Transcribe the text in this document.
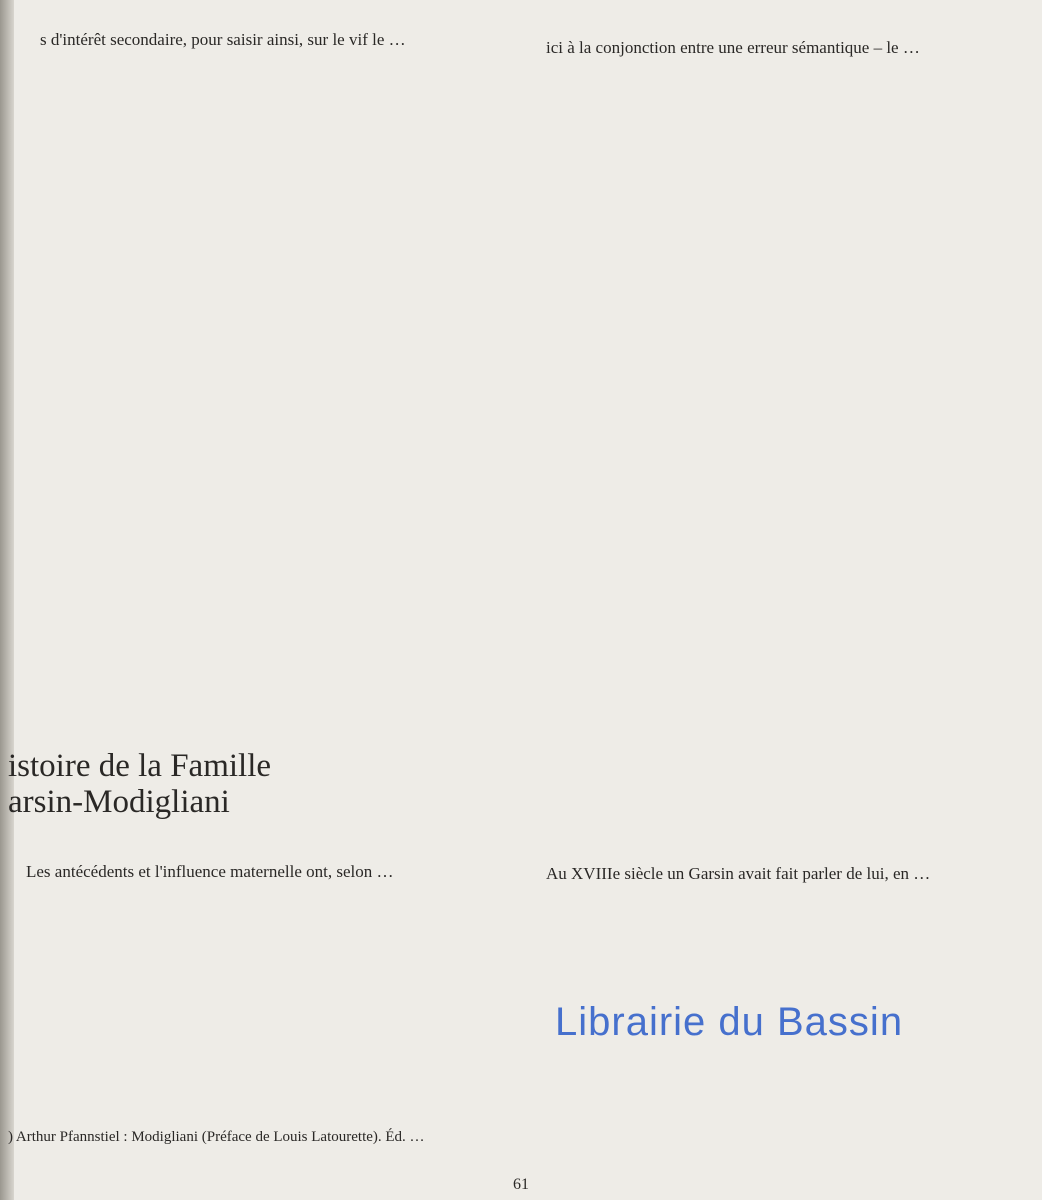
s d'intérêt secondaire, pour saisir ainsi, sur le vif le …	ici à la conjonction entre une erreur sémantique – le …

istoire de la Famille
arsin-Modigliani

Les antécédents et l'influence maternelle ont, selon …	Au XVIIIe siècle un Garsin avait fait parler de lui, en …

) Arthur Pfannstiel : Modigliani (Préface de Louis Latourette). Éd. …
Librairie du Bassin
61
